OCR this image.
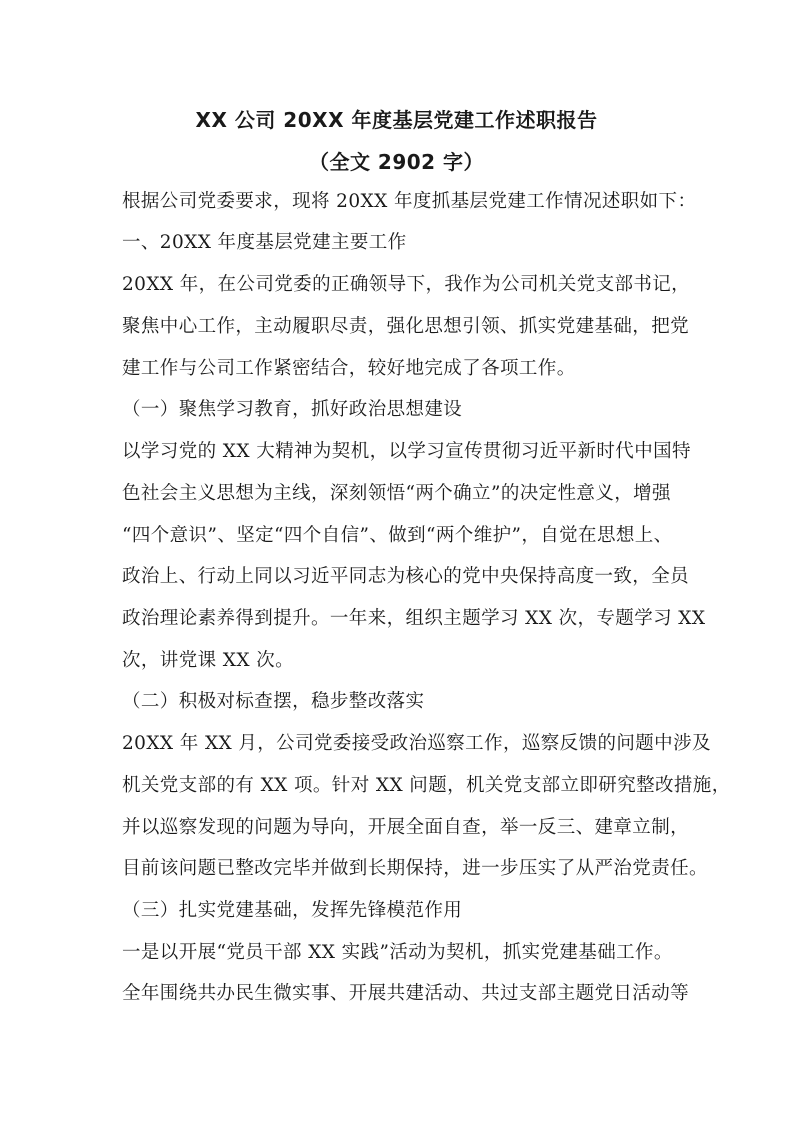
XX 公司 20XX 年度基层党建工作述职报告
（全文 2902 字）
根据公司党委要求，现将 20XX 年度抓基层党建工作情况述职如下：
一、20XX 年度基层党建主要工作
20XX 年，在公司党委的正确领导下，我作为公司机关党支部书记，
聚焦中心工作，主动履职尽责，强化思想引领、抓实党建基础，把党
建工作与公司工作紧密结合，较好地完成了各项工作。
（一）聚焦学习教育，抓好政治思想建设
以学习党的 XX 大精神为契机，以学习宣传贯彻习近平新时代中国特
色社会主义思想为主线，深刻领悟“两个确立”的决定性意义，增强
“四个意识”、坚定“四个自信”、做到“两个维护”，自觉在思想上、
政治上、行动上同以习近平同志为核心的党中央保持高度一致，全员
政治理论素养得到提升。一年来，组织主题学习 XX 次，专题学习 XX
次，讲党课 XX 次。
（二）积极对标查摆，稳步整改落实
20XX 年 XX 月，公司党委接受政治巡察工作，巡察反馈的问题中涉及
机关党支部的有 XX 项。针对 XX 问题，机关党支部立即研究整改措施，
并以巡察发现的问题为导向，开展全面自查，举一反三、建章立制，
目前该问题已整改完毕并做到长期保持，进一步压实了从严治党责任。
（三）扎实党建基础，发挥先锋模范作用
一是以开展“党员干部 XX 实践”活动为契机，抓实党建基础工作。
全年围绕共办民生微实事、开展共建活动、共过支部主题党日活动等
